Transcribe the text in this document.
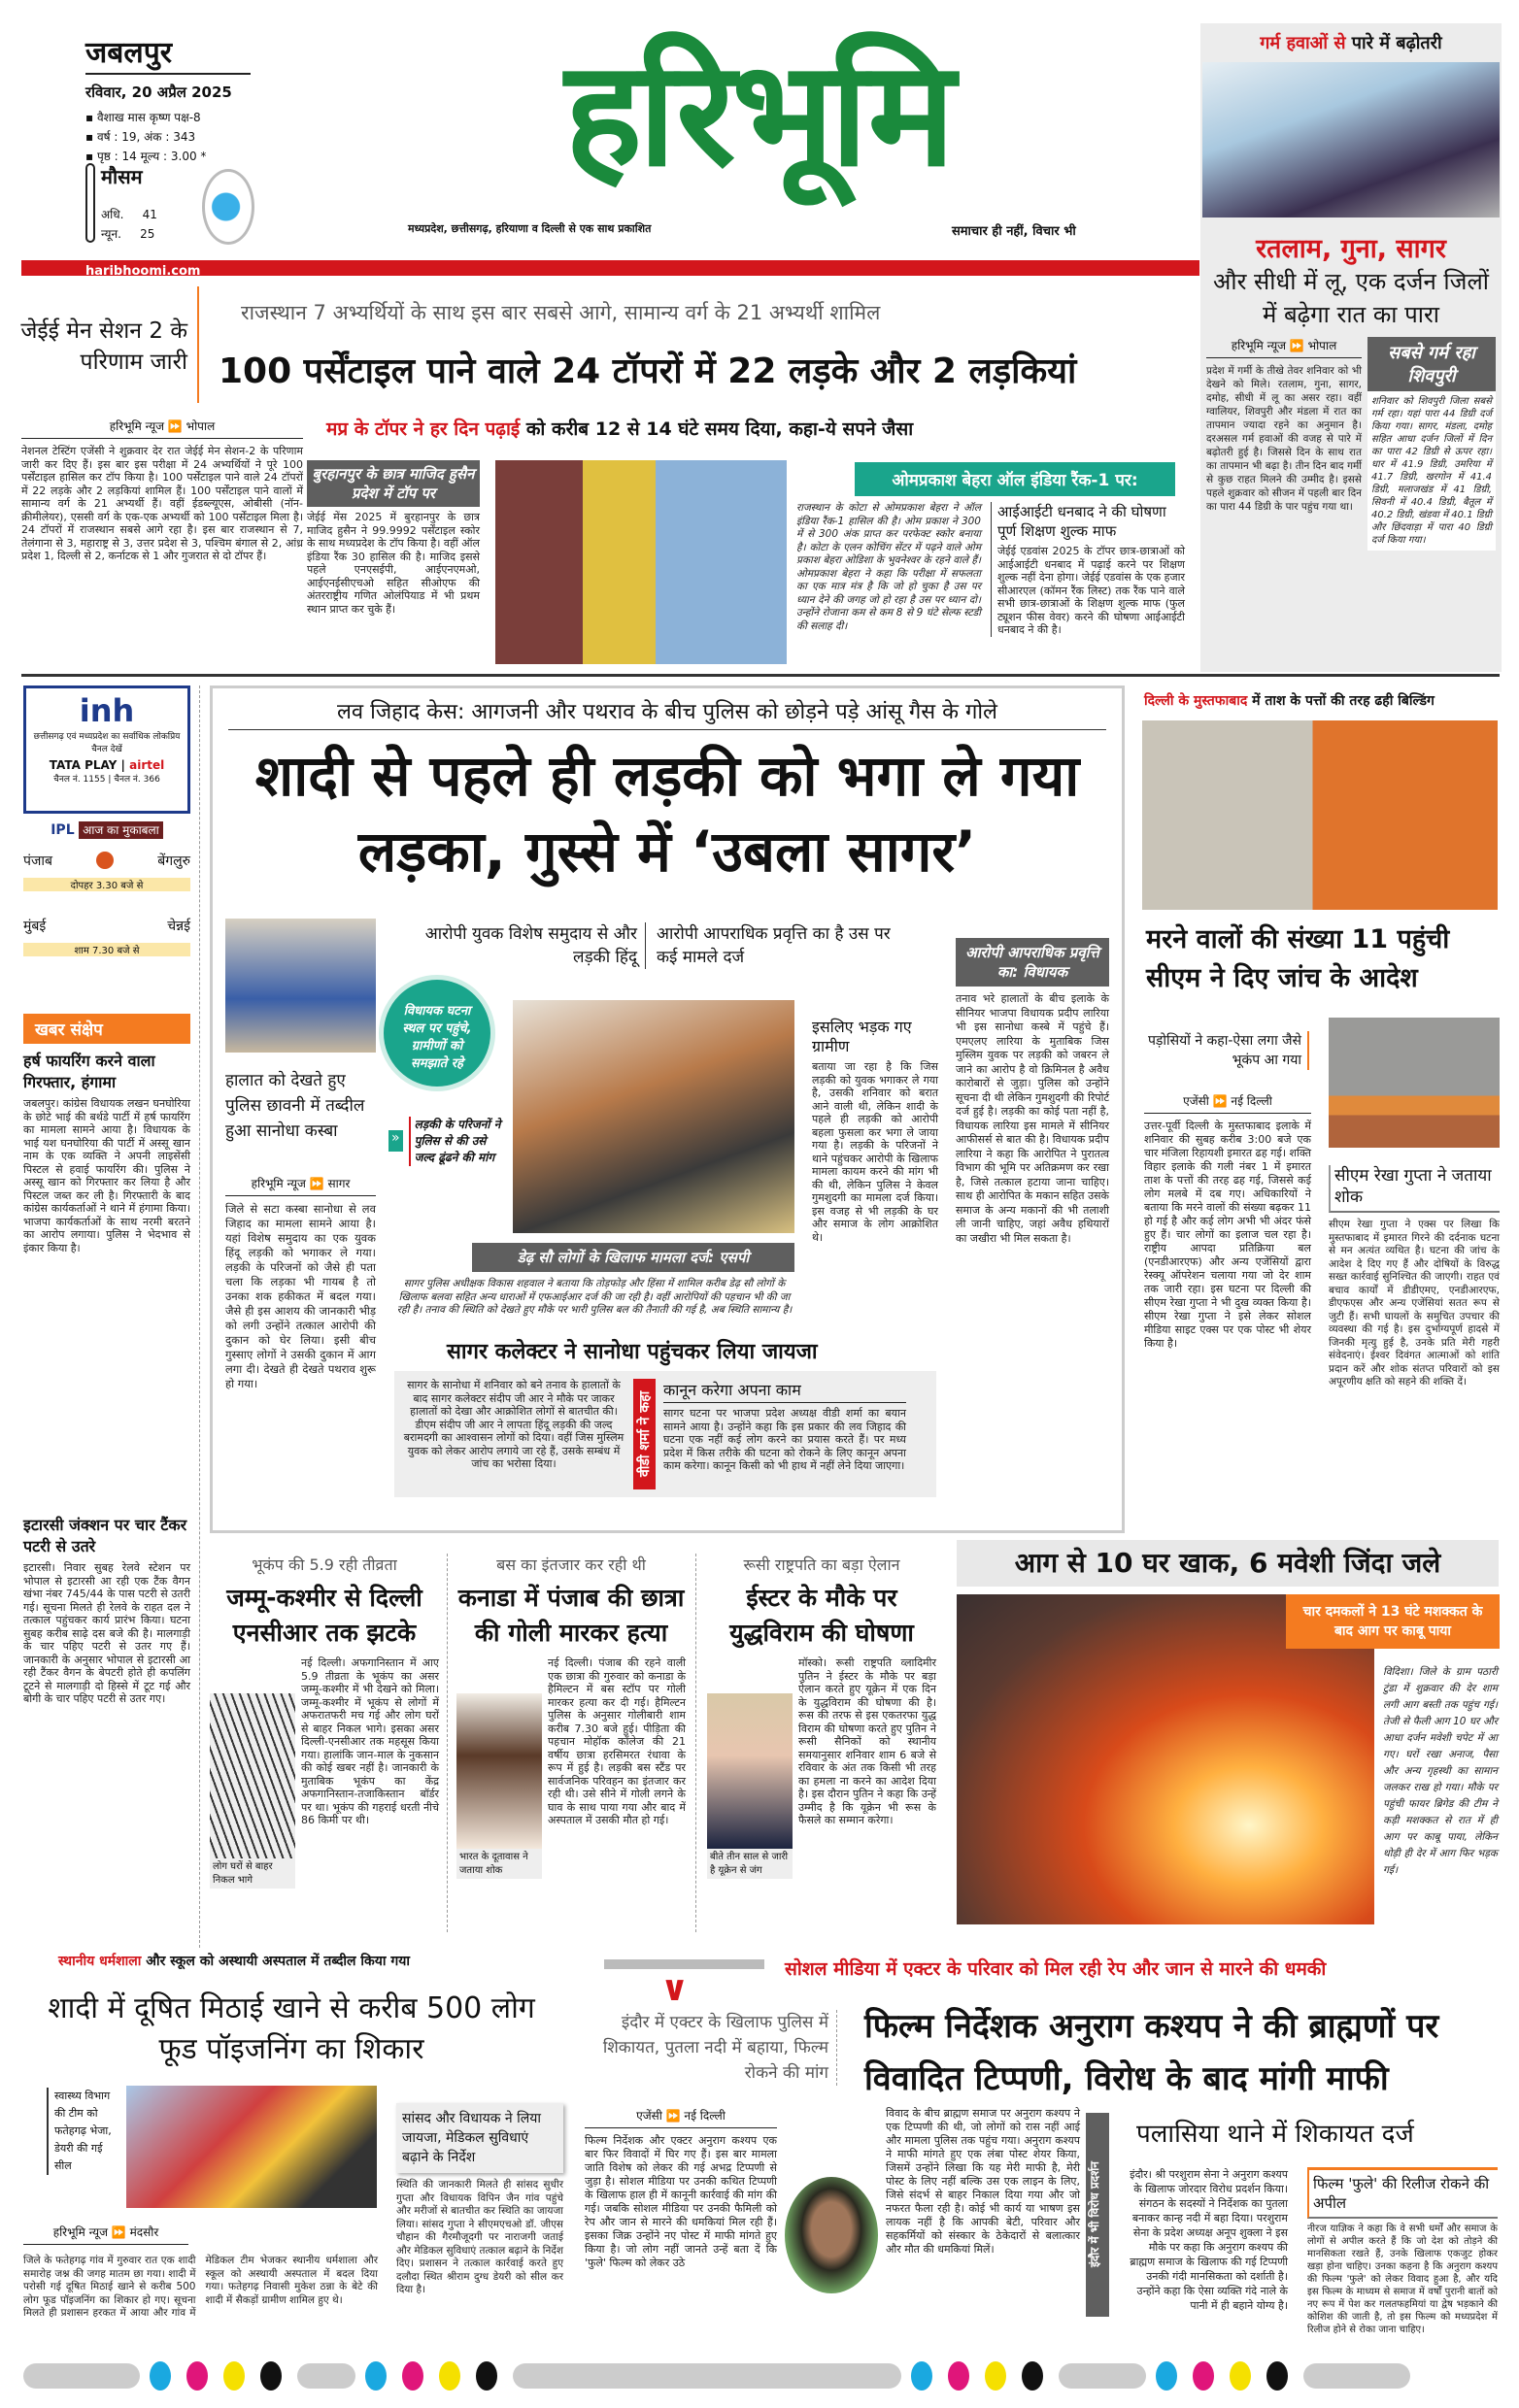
जबलपुर
रविवार, 20 अप्रैल 2025
▪ वैशाख मास कृष्ण पक्ष-8
▪ वर्ष : 19, अंक : 343
▪ पृष्ठ : 14 मूल्य : 3.00 *
मौसम
अधि. 41
न्यून. 25
हरिभूमि
मध्यप्रदेश, छत्तीसगढ़, हरियाणा व दिल्ली से एक साथ प्रकाशित	समाचार ही नहीं, विचार भी
haribhoomi.com
गर्म हवाओं से पारे में बढ़ोतरी
रतलाम, गुना, सागर
और सीधी में लू, एक दर्जन जिलों में बढ़ेगा रात का पारा
हरिभूमि न्यूज ⏩ भोपाल
प्रदेश में गर्मी के तीखे तेवर शनिवार को भी देखने को मिले। रतलाम, गुना, सागर, दमोह, सीधी में लू का असर रहा। वहीं ग्वालियर, शिवपुरी और मंडला में रात का तापमान ज्यादा रहने का अनुमान है। दरअसल गर्म हवाओं की वजह से पारे में बढ़ोतरी हुई है। जिससे दिन के साथ रात का तापमान भी बढ़ा है। तीन दिन बाद गर्मी से कुछ राहत मिलने की उम्मीद है। इससे पहले शुक्रवार को सीजन में पहली बार दिन का पारा 44 डिग्री के पार पहुंच गया था।
सबसे गर्म रहा शिवपुरी
शनिवार को शिवपुरी जिला सबसे गर्म रहा। यहां पारा 44 डिग्री दर्ज किया गया। सागर, मंडला, दमोह सहित आधा दर्जन जिलों में दिन का पारा 42 डिग्री से ऊपर रहा। धार में 41.9 डिग्री, उमरिया में 41.7 डिग्री, खरगोन में 41.4 डिग्री, मलाजखंड में 41 डिग्री, सिवनी में 40.4 डिग्री, बैतूल में 40.2 डिग्री, खंडवा में 40.1 डिग्री और छिंदवाड़ा में पारा 40 डिग्री दर्ज किया गया।
जेईई मेन सेशन 2 के परिणाम जारी
राजस्थान 7 अभ्यर्थियों के साथ इस बार सबसे आगे, सामान्य वर्ग के 21 अभ्यर्थी शामिल
100 पर्सेंटाइल पाने वाले 24 टॉपरों में 22 लड़के और 2 लड़कियां
मप्र के टॉपर ने हर दिन पढ़ाई को करीब 12 से 14 घंटे समय दिया, कहा-ये सपने जैसा
हरिभूमि न्यूज ⏩ भोपाल
नेशनल टेस्टिंग एजेंसी ने शुक्रवार देर रात जेईई मेन सेशन-2 के परिणाम जारी कर दिए हैं। इस बार इस परीक्षा में 24 अभ्यर्थियों ने पूरे 100 पर्सेंटाइल हासिल कर टॉप किया है। 100 पर्सेंटाइल पाने वाले 24 टॉपरों में 22 लड़के और 2 लड़कियां शामिल हैं। 100 पर्सेंटाइल पाने वालों में सामान्य वर्ग के 21 अभ्यर्थी हैं। वहीं ईडब्ल्यूएस, ओबीसी (नॉन-क्रीमीलेयर), एससी वर्ग के एक-एक अभ्यर्थी को 100 पर्सेंटाइल मिला है। 24 टॉपरों में राजस्थान सबसे आगे रहा है। इस बार राजस्थान से 7, तेलंगाना से 3, महाराष्ट्र से 3, उत्तर प्रदेश से 3, पश्चिम बंगाल से 2, आंध्र प्रदेश 1, दिल्ली से 2, कर्नाटक से 1 और गुजरात से दो टॉपर हैं।
बुरहानपुर के छात्र माजिद हुसैन प्रदेश में टॉप पर
जेईई मेंस 2025 में बुरहानपुर के छात्र माजिद हुसैन ने 99.9992 पर्सेंटाइल स्कोर के साथ मध्यप्रदेश के टॉप किया है। वहीं ऑल इंडिया रैंक 30 हासिल की है। माजिद इससे पहले एनएसईपी, आईएनएमओ, आईएनईसीएचओ सहित सीओएफ की अंतरराष्ट्रीय गणित ओलंपियाड में भी प्रथम स्थान प्राप्त कर चुके हैं।
ओमप्रकाश बेहरा ऑल इंडिया रैंक-1 पर:
राजस्थान के कोटा से ओमप्रकाश बेहरा ने ऑल इंडिया रैंक-1 हासिल की है। ओम प्रकाश ने 300 में से 300 अंक प्राप्त कर परफेक्ट स्कोर बनाया है। कोटा के एलन कोचिंग सेंटर में पढ़ने वाले ओम प्रकाश बेहरा ओडिशा के भुवनेश्वर के रहने वाले हैं। ओमप्रकाश बेहरा ने कहा कि परीक्षा में सफलता का एक मात्र मंत्र है कि जो हो चुका है उस पर ध्यान देने की जगह जो हो रहा है उस पर ध्यान दो। उन्होंने रोजाना कम से कम 8 से 9 घंटे सेल्फ स्टडी की सलाह दी।
आईआईटी धनबाद ने की घोषणा पूर्ण शिक्षण शुल्क माफ
जेईई एडवांस 2025 के टॉपर छात्र-छात्राओं को आईआईटी धनबाद में पढ़ाई करने पर शिक्षण शुल्क नहीं देना होगा। जेईई एडवांस के एक हजार सीआरएल (कॉमन रैंक लिस्ट) तक रैंक पाने वाले सभी छात्र-छात्राओं के शिक्षण शुल्क माफ (फुल ट्यूशन फीस वेवर) करने की घोषणा आईआईटी धनबाद ने की है।
inh
छत्तीसगढ़ एवं मध्यप्रदेश का सर्वाधिक लोकप्रिय चैनल देखें
TATA PLAY | airtel
चैनल नं. 1155 | चैनल नं. 366
IPL आज का मुकाबला
पंजाब	बेंगलुरु
दोपहर 3.30 बजे से
मुंबई	चेन्नई
शाम 7.30 बजे से
खबर संक्षेप
हर्ष फायरिंग करने वाला गिरफ्तार, हंगामा
जबलपुर। कांग्रेस विधायक लखन घनघोरिया के छोटे भाई की बर्थडे पार्टी में हर्ष फायरिंग का मामला सामने आया है। विधायक के भाई यश घनघोरिया की पार्टी में अस्सू खान नाम के एक व्यक्ति ने अपनी लाइसेंसी पिस्टल से हवाई फायरिंग की। पुलिस ने अस्सू खान को गिरफ्तार कर लिया है और पिस्टल जब्त कर ली है। गिरफ्तारी के बाद कांग्रेस कार्यकर्ताओं ने थाने में हंगामा किया। भाजपा कार्यकर्ताओं के साथ नरमी बरतने का आरोप लगाया। पुलिस ने भेदभाव से इंकार किया है।
इटारसी जंक्शन पर चार टैंकर पटरी से उतरे
इटारसी। निवार सुबह रेलवे स्टेशन पर भोपाल से इटारसी आ रही एक टैंक वैगन खंभा नंबर 745/44 के पास पटरी से उतरी गई। सूचना मिलते ही रेलवे के राहत दल ने तत्काल पहुंचकर कार्य प्रारंभ किया। घटना सुबह करीब साढ़े दस बजे की है। मालगाड़ी के चार पहिए पटरी से उतर गए हैं। जानकारी के अनुसार भोपाल से इटारसी आ रही टैंकर वैगन के बेपटरी होते ही कपलिंग टूटने से मालगाड़ी दो हिस्से में टूट गई और बोगी के चार पहिए पटरी से उतर गए।
लव जिहाद केस: आगजनी और पथराव के बीच पुलिस को छोड़ने पड़े आंसू गैस के गोले
शादी से पहले ही लड़की को भगा ले गया लड़का, गुस्से में ‘उबला सागर’
आरोपी युवक विशेष समुदाय से और लड़की हिंदू
आरोपी आपराधिक प्रवृत्ति का है उस पर कई मामले दर्ज
विधायक घटना स्थल पर पहुंचे, ग्रामीणों को समझाते रहे
हालात को देखते हुए पुलिस छावनी में तब्दील हुआ सानोधा कस्बा
हरिभूमि न्यूज ⏩ सागर
जिले से सटा कस्बा सानोधा से लव जिहाद का मामला सामने आया है। यहां विशेष समुदाय का एक युवक हिंदू लड़की को भगाकर ले गया। लड़की के परिजनों को जैसे ही पता चला कि लड़का भी गायब है तो उनका शक हकीकत में बदल गया। जैसे ही इस आशय की जानकारी भीड़ को लगी उन्होंने तत्काल आरोपी की दुकान को घेर लिया। इसी बीच गुस्साए लोगों ने उसकी दुकान में आग लगा दी। देखते ही देखते पथराव शुरू हो गया।
»
लड़की के परिजनों ने पुलिस से की उसे जल्द ढूंढने की मांग
डेढ़ सौ लोगों के खिलाफ मामला दर्ज: एसपी
सागर पुलिस अधीक्षक विकास शहवाल ने बताया कि तोड़फोड़ और हिंसा में शामिल करीब डेढ़ सौ लोगों के खिलाफ बलवा सहित अन्य धाराओं में एफआईआर दर्ज की जा रही है। वहीं आरोपियों की पहचान भी की जा रही है। तनाव की स्थिति को देखते हुए मौके पर भारी पुलिस बल की तैनाती की गई है, अब स्थिति सामान्य है।
इसलिए भड़क गए ग्रामीण
बताया जा रहा है कि जिस लड़की को युवक भगाकर ले गया है, उसकी शनिवार को बरात आने वाली थी, लेकिन शादी के पहले ही लड़की को आरोपी बहला फुसला कर भगा ले जाया गया है। लड़की के परिजनों ने थाने पहुंचकर आरोपी के खिलाफ मामला कायम करने की मांग भी की थी, लेकिन पुलिस ने केवल गुमशुदगी का मामला दर्ज किया। इस वजह से भी लड़की के घर और समाज के लोग आक्रोशित थे।
आरोपी आपराधिक प्रवृत्ति का: विधायक
तनाव भरे हालातों के बीच इलाके के सीनियर भाजपा विधायक प्रदीप लारिया भी इस सानोधा कस्बे में पहुंचे हैं। एमएलए लारिया के मुताबिक जिस मुस्लिम युवक पर लड़की को जबरन ले जाने का आरोप है वो क्रिमिनल है अवैध कारोबारों से जुड़ा। पुलिस को उन्होंने सूचना दी थी लेकिन गुमशुदगी की रिपोर्ट दर्ज हुई है। लड़की का कोई पता नहीं है, विधायक लारिया इस मामले में सीनियर आफीसर्स से बात की है। विधायक प्रदीप लारिया ने कहा कि आरोपित ने पुरातत्व विभाग की भूमि पर अतिक्रमण कर रखा है, जिसे तत्काल हटाया जाना चाहिए। साथ ही आरोपित के मकान सहित उसके समाज के अन्य मकानों की भी तलाशी ली जानी चाहिए, जहां अवैध हथियारों का जखीरा भी मिल सकता है।
सागर कलेक्टर ने सानोधा पहुंचकर लिया जायजा
सागर के सानोधा में शनिवार को बने तनाव के हालातों के बाद सागर कलेक्टर संदीप जी आर ने मौके पर जाकर हालातों को देखा और आक्रोशित लोगों से बातचीत की। डीएम संदीप जी आर ने लापता हिंदू लड़की की जल्द बरामदगी का आश्वासन लोगों को दिया। वहीं जिस मुस्लिम युवक को लेकर आरोप लगाये जा रहे हैं, उसके सम्बंध में जांच का भरोसा दिया।	वीडी शर्मा ने कहा
कानून करेगा अपना काम
सागर घटना पर भाजपा प्रदेश अध्यक्ष वीडी शर्मा का बयान सामने आया है। उन्होंने कहा कि इस प्रकार की लव जिहाद की घटना एक नहीं कई लोग करने का प्रयास करते हैं। पर मध्य प्रदेश में किस तरीके की घटना को रोकने के लिए कानून अपना काम करेगा। कानून किसी को भी हाथ में नहीं लेने दिया जाएगा।
दिल्ली के मुस्तफाबाद में ताश के पत्तों की तरह ढही बिल्डिंग
मरने वालों की संख्या 11 पहुंची सीएम ने दिए जांच के आदेश
पड़ोसियों ने कहा-ऐसा लगा जैसे भूकंप आ गया
एजेंसी ⏩ नई दिल्ली
उत्तर-पूर्वी दिल्ली के मुस्तफाबाद इलाके में शनिवार की सुबह करीब 3:00 बजे एक चार मंजिला रिहायशी इमारत ढह गई। शक्ति विहार इलाके की गली नंबर 1 में इमारत ताश के पत्तों की तरह ढह गई, जिससे कई लोग मलबे में दब गए। अधिकारियों ने बताया कि मरने वालों की संख्या बढ़कर 11 हो गई है और कई लोग अभी भी अंदर फंसे हुए हैं। चार लोगों का इलाज चल रहा है। राष्ट्रीय आपदा प्रतिक्रिया बल (एनडीआरएफ) और अन्य एजेंसियों द्वारा रेस्क्यू ऑपरेशन चलाया गया जो देर शाम तक जारी रहा। इस घटना पर दिल्ली की सीएम रेखा गुप्ता ने भी दुख व्यक्त किया है। सीएम रेखा गुप्ता ने इसे लेकर सोशल मीडिया साइट एक्स पर एक पोस्ट भी शेयर किया है।
सीएम रेखा गुप्ता ने जताया शोक
सीएम रेखा गुप्ता ने एक्स पर लिखा कि मुस्तफाबाद में इमारत गिरने की दर्दनाक घटना से मन अत्यंत व्यथित है। घटना की जांच के आदेश दे दिए गए हैं और दोषियों के विरुद्ध सख्त कार्रवाई सुनिश्चित की जाएगी। राहत एवं बचाव कार्यों में डीडीएमए, एनडीआरएफ, डीएफएस और अन्य एजेंसियां सतत रूप से जुटी हैं। सभी घायलों के समुचित उपचार की व्यवस्था की गई है। इस दुर्भाग्यपूर्ण हादसे में जिनकी मृत्यु हुई है, उनके प्रति मेरी गहरी संवेदनाएं। ईश्वर दिवंगत आत्माओं को शांति प्रदान करें और शोक संतप्त परिवारों को इस अपूरणीय क्षति को सहने की शक्ति दें।
भूकंप की 5.9 रही तीव्रता
जम्मू-कश्मीर से दिल्ली एनसीआर तक झटके
नई दिल्ली। अफगानिस्तान में आए 5.9 तीव्रता के भूकंप का असर जम्मू-कश्मीर में भी देखने को मिला। जम्मू-कश्मीर में भूकंप से लोगों में अफरातफरी मच गई और लोग घरों से बाहर निकल भागे। इसका असर दिल्ली-एनसीआर तक महसूस किया गया। हालांकि जान-माल के नुकसान की कोई खबर नहीं है। जानकारी के मुताबिक भूकंप का केंद्र अफगानिस्तान-तजाकिस्तान बॉर्डर पर था। भूकंप की गहराई धरती नीचे 86 किमी पर थी।
लोग घरों से बाहर निकल भागे
बस का इंतजार कर रही थी
कनाडा में पंजाब की छात्रा की गोली मारकर हत्या
नई दिल्ली। पंजाब की रहने वाली एक छात्रा की गुरुवार को कनाडा के हैमिल्टन में बस स्टॉप पर गोली मारकर हत्या कर दी गई। हैमिल्टन पुलिस के अनुसार गोलीबारी शाम करीब 7.30 बजे हुई। पीड़िता की पहचान मोहॉक कॉलेज की 21 वर्षीय छात्रा हरसिमरत रंधावा के रूप में हुई है। लड़की बस स्टैंड पर सार्वजनिक परिवहन का इंतजार कर रही थी। उसे सीने में गोली लगने के घाव के साथ पाया गया और बाद में अस्पताल में उसकी मौत हो गई।
भारत के दूतावास ने जताया शोक
रूसी राष्ट्रपति का बड़ा ऐलान
ईस्टर के मौके पर युद्धविराम की घोषणा
मॉस्को। रूसी राष्ट्रपति व्लादिमीर पुतिन ने ईस्टर के मौके पर बड़ा ऐलान करते हुए यूक्रेन में एक दिन के युद्धविराम की घोषणा की है। रूस की तरफ से इस एकतरफा युद्ध विराम की घोषणा करते हुए पुतिन ने रूसी सैनिकों को स्थानीय समयानुसार शनिवार शाम 6 बजे से रविवार के अंत तक किसी भी तरह का हमला ना करने का आदेश दिया है। इस दौरान पुतिन ने कहा कि उन्हें उम्मीद है कि यूक्रेन भी रूस के फैसले का सम्मान करेगा।
बीते तीन साल से जारी है यूक्रेन से जंग
आग से 10 घर खाक, 6 मवेशी जिंदा जले
चार दमकलों ने 13 घंटे मशक्कत के बाद आग पर काबू पाया
विदिशा। जिले के ग्राम पठारी टुंडा में शुक्रवार की देर शाम लगी आग बस्ती तक पहुंच गई। तेजी से फैली आग 10 घर और आधा दर्जन मवेशी चपेट में आ गए। घरों रखा अनाज, पैसा और अन्य गृहस्थी का सामान जलकर राख हो गया। मौके पर पहुंची फायर ब्रिगेड की टीम ने कड़ी मशक्कत से रात में ही आग पर काबू पाया, लेकिन थोड़ी ही देर में आग फिर भड़क गई।
स्थानीय धर्मशाला और स्कूल को अस्थायी अस्पताल में तब्दील किया गया
शादी में दूषित मिठाई खाने से करीब 500 लोग फूड पॉइजनिंग का शिकार
स्वास्थ्य विभाग की टीम को फतेहगढ़ भेजा, डेयरी की गई सील
हरिभूमि न्यूज ⏩ मंदसौर
जिले के फतेहगढ़ गांव में गुरुवार रात एक शादी समारोह जश्न की जगह मातम छा गया। शादी में परोसी गई दूषित मिठाई खाने से करीब 500 लोग फूड पॉइजनिंग का शिकार हो गए। सूचना मिलते ही प्रशासन हरकत में आया और गांव में मेडिकल टीम भेजकर स्थानीय धर्मशाला और स्कूल को अस्थायी अस्पताल में बदल दिया गया। फतेहगढ़ निवासी मुकेश ठन्ना के बेटे की शादी में सैकड़ों ग्रामीण शामिल हुए थे।
सांसद और विधायक ने लिया जायजा, मेडिकल सुविधाएं बढ़ाने के निर्देश
स्थिति की जानकारी मिलते ही सांसद सुधीर गुप्ता और विधायक विपिन जैन गांव पहुंचे और मरीजों से बातचीत कर स्थिति का जायजा लिया। सांसद गुप्ता ने सीएमएचओ डॉ. जीएस चौहान की गैरमौजूदगी पर नाराजगी जताई और मेडिकल सुविधाएं तत्काल बढ़ाने के निर्देश दिए। प्रशासन ने तत्काल कार्रवाई करते हुए दलौदा स्थित श्रीराम दुग्ध डेयरी को सील कर दिया है।
∨	सोशल मीडिया में एक्टर के परिवार को मिल रही रेप और जान से मारने की धमकी
इंदौर में एक्टर के खिलाफ पुलिस में शिकायत, पुतला नदी में बहाया, फिल्म रोकने की मांग
फिल्म निर्देशक अनुराग कश्यप ने की ब्राह्मणों पर विवादित टिप्पणी, विरोध के बाद मांगी माफी
एजेंसी ⏩ नई दिल्ली
फिल्म निर्देशक और एक्टर अनुराग कश्यप एक बार फिर विवादों में घिर गए हैं। इस बार मामला जाति विशेष को लेकर की गई अभद्र टिप्पणी से जुड़ा है। सोशल मीडिया पर उनकी कथित टिप्पणी के खिलाफ हाल ही में कानूनी कार्रवाई की मांग की गई। जबकि सोशल मीडिया पर उनकी फैमिली को रेप और जान से मारने की धमकियां मिल रही हैं। इसका जिक्र उन्होंने नए पोस्ट में माफी मांगते हुए किया है। जो लोग नहीं जानते उन्हें बता दें कि 'फुले' फिल्म को लेकर उठे
विवाद के बीच ब्राह्मण समाज पर अनुराग कश्यप ने एक टिप्पणी की थी, जो लोगों को रास नहीं आई और मामला पुलिस तक पहुंच गया। अनुराग कश्यप ने माफी मांगते हुए एक लंबा पोस्ट शेयर किया, जिसमें उन्होंने लिखा कि यह मेरी माफी है, मेरी पोस्ट के लिए नहीं बल्कि उस एक लाइन के लिए, जिसे संदर्भ से बाहर निकाल दिया गया और जो नफरत फैला रही है। कोई भी कार्य या भाषण इस लायक नहीं है कि आपकी बेटी, परिवार और सहकर्मियों को संस्कार के ठेकेदारों से बलात्कार और मौत की धमकियां मिलें।	इंदौर में भी विरोध प्रदर्शन
पलासिया थाने में शिकायत दर्ज
इंदौर। श्री परशुराम सेना ने अनुराग कश्यप के खिलाफ जोरदार विरोध प्रदर्शन किया। संगठन के सदस्यों ने निर्देशक का पुतला बनाकर कान्ह नदी में बहा दिया। परशुराम सेना के प्रदेश अध्यक्ष अनूप शुक्ला ने इस मौके पर कहा कि अनुराग कश्यप की ब्राह्मण समाज के खिलाफ की गई टिप्पणी उनकी गंदी मानसिकता को दर्शाती है। उन्होंने कहा कि ऐसा व्यक्ति गंदे नाले के पानी में ही बहाने योग्य है।
फिल्म 'फुले' की रिलीज रोकने की अपील
नीरज याज्ञिक ने कहा कि वे सभी धर्मों और समाज के लोगों से अपील करते हैं कि जो देश को तोड़ने की मानसिकता रखते हैं, उनके खिलाफ एकजुट होकर खड़ा होना चाहिए। उनका कहना है कि अनुराग कश्यप की फिल्म 'फुले' को लेकर विवाद हुआ है, और यदि इस फिल्म के माध्यम से समाज में वर्षों पुरानी बातों को नए रूप में पेश कर गलतफहमियां या द्वेष भड़काने की कोशिश की जाती है, तो इस फिल्म को मध्यप्रदेश में रिलीज होने से रोका जाना चाहिए।
